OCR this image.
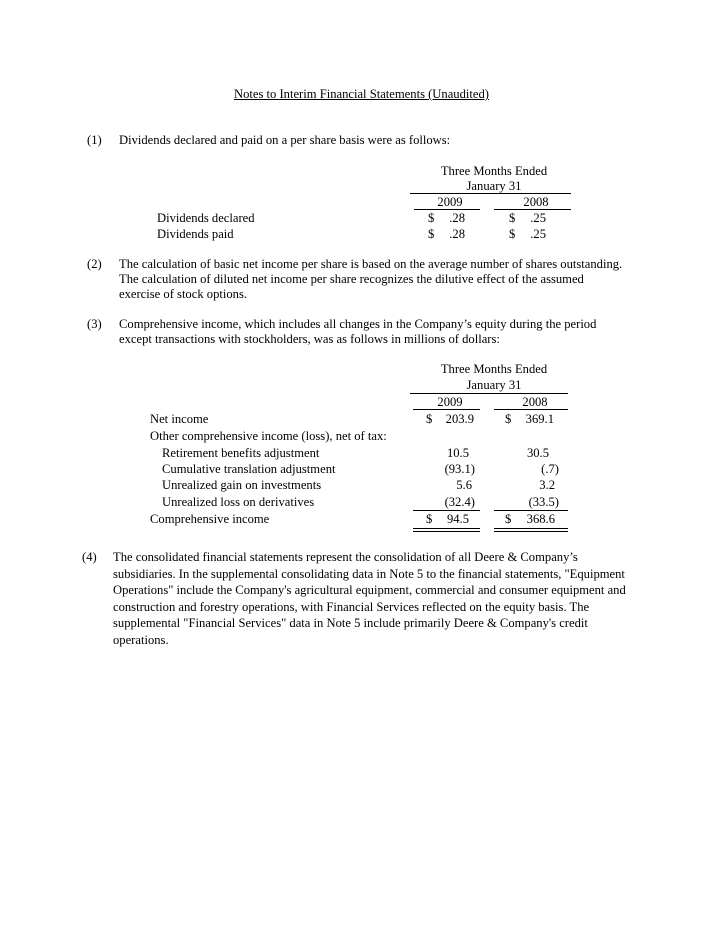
Notes to Interim Financial Statements (Unaudited)
(1) Dividends declared and paid on a per share basis were as follows:
Three Months Ended
January 31
2009	2008
Dividends declared	$	.28	$	.25
Dividends paid	$	.28	$	.25
(2) The calculation of basic net income per share is based on the average number of shares outstanding.
The calculation of diluted net income per share recognizes the dilutive effect of the assumed
exercise of stock options.
(3) Comprehensive income, which includes all changes in the Company’s equity during the period
except transactions with stockholders, was as follows in millions of dollars:
Three Months Ended
January 31
2009	2008
Net income	$	203.9 $	369.1
Other comprehensive income (loss), net of tax:
Retirement benefits adjustment	10.5	30.5
Cumulative translation adjustment	(93.1)	(.7)
Unrealized gain on investments	5.6	3.2
Unrealized loss on derivatives	(32.4)	(33.5)
Comprehensive income	$	94.5	$	368.6
(4) The consolidated financial statements represent the consolidation of all Deere & Company’s
subsidiaries. In the supplemental consolidating data in Note 5 to the financial statements, "Equipment
Operations" include the Company's agricultural equipment, commercial and consumer equipment and
construction and forestry operations, with Financial Services reflected on the equity basis. The
supplemental "Financial Services" data in Note 5 include primarily Deere & Company's credit
operations.
